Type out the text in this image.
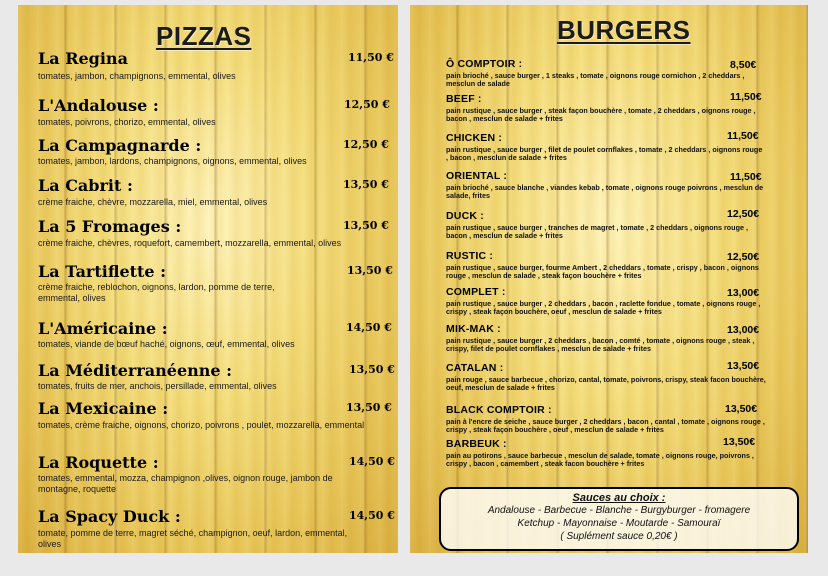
PIZZAS
La Regina	11,50 €
tomates, jambon, champignons, emmental, olives
L'Andalouse :	12,50 €
tomates, poivrons, chorizo, emmental, olives
La Campagnarde :	12,50 €
tomates, jambon, lardons, champignons, oignons, emmental, olives
La Cabrit :	13,50 €
crème fraiche, chèvre, mozzarella, miel, emmental, olives
La 5 Fromages :	13,50 €
crème fraiche, chèvres, roquefort, camembert, mozzarella, emmental, olives
La Tartiflette :	13,50 €
crème fraiche, reblochon, oignons, lardon, pomme de terre, emmental, olives
L'Américaine :	14,50 €
tomates, viande de bœuf haché, oignons, œuf, emmental, olives
La Méditerranéenne :	13,50 €
tomates, fruits de mer, anchois, persillade, emmental, olives
La Mexicaine :	13,50 €
tomates, crème fraiche, oignons, chorizo, poivrons , poulet, mozzarella, emmental
La Roquette :	14,50 €
tomates, emmental, mozza, champignon ,olives, oignon rouge, jambon de montagne, roquette
La Spacy Duck :	14,50 €
tomate, pomme de terre, magret séché, champignon, oeuf, lardon, emmental, olives
BURGERS
Ô COMPTOIR :	8,50€
pain brioché , sauce burger , 1 steaks , tomate , oignons rouge cornichon , 2 cheddars , mesclun de salade
BEEF :	11,50€
pain rustique , sauce burger , steak façon bouchère , tomate , 2 cheddars , oignons rouge , bacon , mesclun de salade + frites
CHICKEN :	11,50€
pain rustique , sauce burger , filet de poulet cornflakes , tomate , 2 cheddars , oignons rouge , bacon , mesclun de salade + frites
ORIENTAL :	11,50€
pain brioché , sauce blanche , viandes kebab , tomate , oignons rouge poivrons , mesclun de salade, frites
DUCK :	12,50€
pain rustique , sauce burger , tranches de magret , tomate , 2 cheddars , oignons rouge , bacon , mesclun de salade + frites
RUSTIC :	12,50€
pain rustique , sauce burger, fourme Ambert , 2 cheddars , tomate , crispy , bacon , oignons rouge , mesclun de salade , steak façon bouchère + frites
COMPLET :	13,00€
pain rustique , sauce burger , 2 cheddars , bacon , raclette fondue , tomate , oignons rouge , crispy , steak façon bouchère, oeuf , mesclun de salade + frites
MIK-MAK :	13,00€
pain rustique , sauce burger , 2 cheddars , bacon , comté , tomate , oignons rouge , steak , crispy, filet de poulet cornflakes , mesclun de salade + frites
CATALAN :	13,50€
pain rouge , sauce barbecue , chorizo, cantal, tomate, poivrons, crispy, steak facon bouchère, oeuf, mesclun de salade + frites
BLACK COMPTOIR :	13,50€
pain à l'encre de seiche , sauce burger , 2 cheddars , bacon , cantal , tomate , oignons rouge , crispy , steak façon bouchère , oeuf , mesclun de salade + frites
BARBEUK :	13,50€
pain au potirons , sauce barbecue , mesclun de salade, tomate , oignons rouge, poivrons , crispy , bacon , camembert , steak facon bouchère + frites
Sauces au choix :
Andalouse - Barbecue - Blanche - Burgyburger - fromagere
Ketchup - Mayonnaise - Moutarde - Samouraï
( Suplément sauce 0,20€ )
